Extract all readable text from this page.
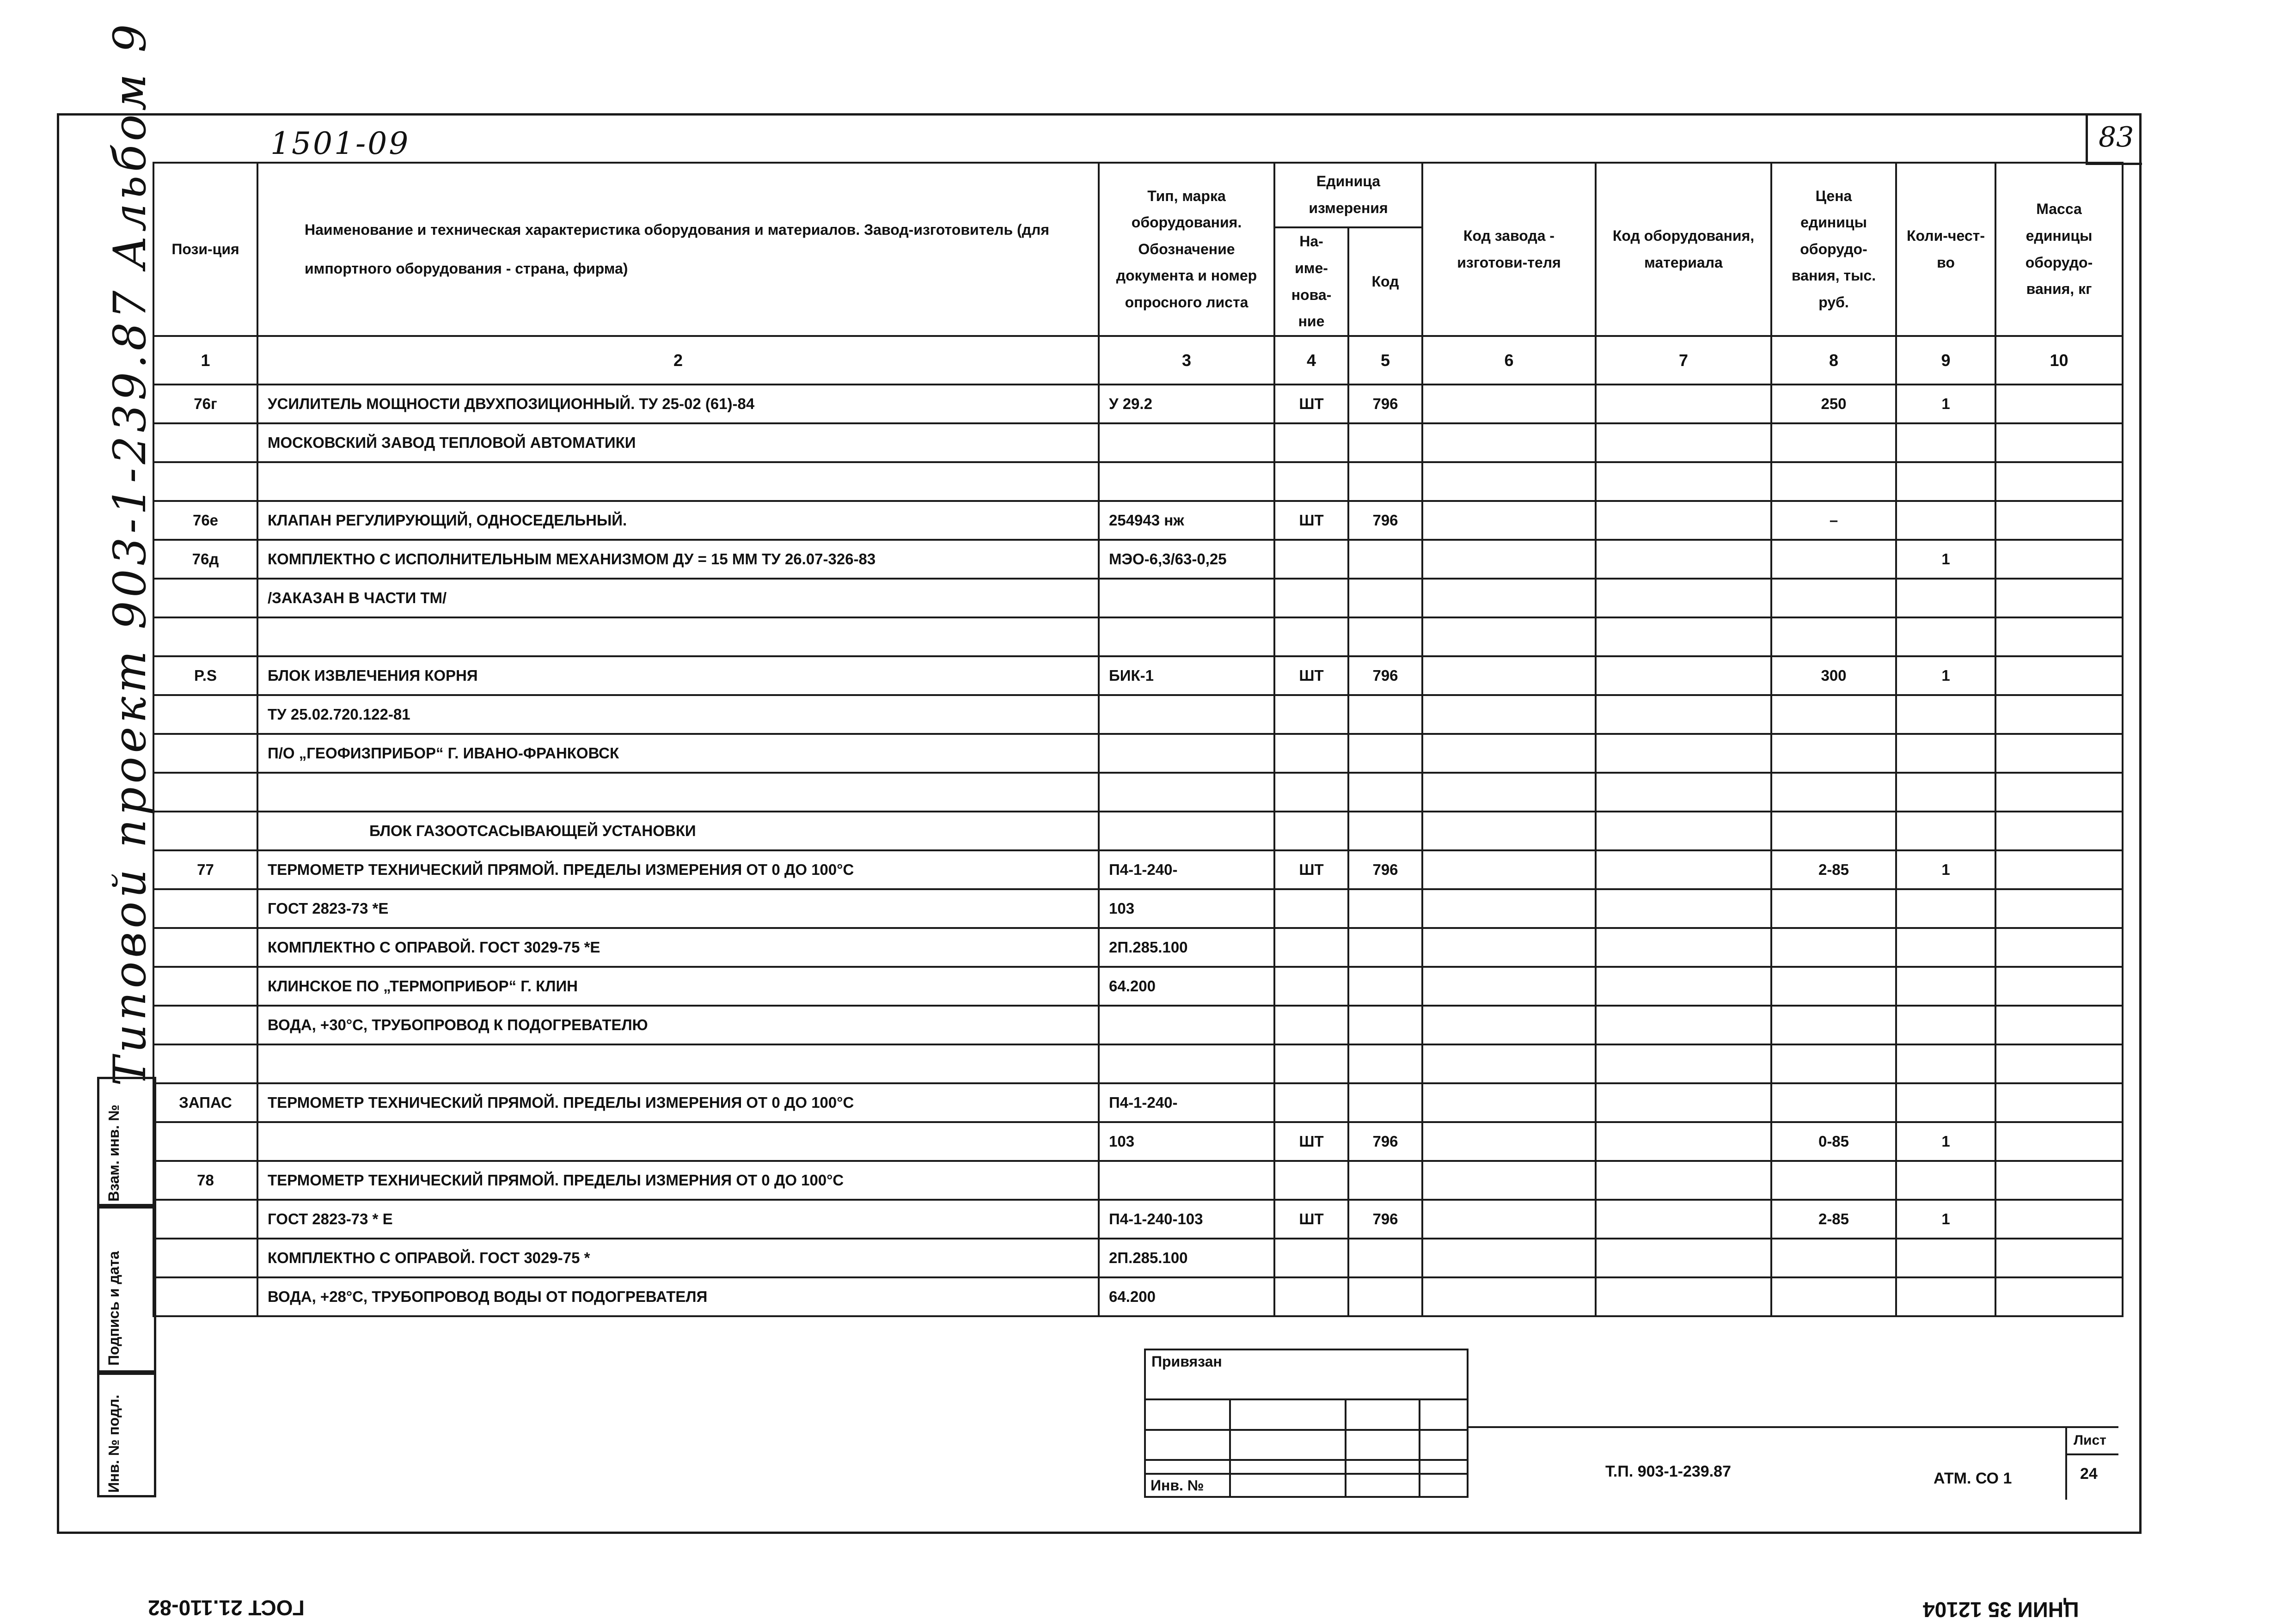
1501-09	83
Типовой проект 903-1-239.87 Альбом 9 Пози-ция	Наименование и техническая характеристика оборудования и материалов. Завод-изготовитель (для импортного оборудования - страна, фирма)	Тип, марка оборудования. Обозначение документа и номер опросного листа	Единица измерения		Код завода - изготови-теля	Код оборудования, материала	Цена единицы оборудо-вания, тыс. руб.	Коли-чест-во	Масса единицы оборудо-вания, кг
			На-име-нова-ние	Код					
1	2	3	4	5	6	7	8	9	10
76г	УСИЛИТЕЛЬ МОЩНОСТИ ДВУХПОЗИЦИОННЫЙ. ТУ 25-02 (61)-84	У 29.2	ШТ	796			250	1	
	МОСКОВСКИЙ ЗАВОД ТЕПЛОВОЙ АВТОМАТИКИ								

76е	КЛАПАН РЕГУЛИРУЮЩИЙ, ОДНОСЕДЕЛЬНЫЙ.	254943 нж	ШТ	796			–		
76д	КОМПЛЕКТНО С ИСПОЛНИТЕЛЬНЫМ МЕХАНИЗМОМ ДУ = 15 ММ ТУ 26.07-326-83	МЭО-6,3/63-0,25						1	
	/ЗАКАЗАН В ЧАСТИ ТМ/								

P.S	БЛОК ИЗВЛЕЧЕНИЯ КОРНЯ	БИК-1	ШТ	796			300	1	
	ТУ 25.02.720.122-81								
	П/О „ГЕОФИЗПРИБОР“ Г. ИВАНО-ФРАНКОВСК								

	БЛОК ГАЗООТСАСЫВАЮЩЕЙ УСТАНОВКИ								
77	ТЕРМОМЕТР ТЕХНИЧЕСКИЙ ПРЯМОЙ. ПРЕДЕЛЫ ИЗМЕРЕНИЯ ОТ 0 ДО 100°С	П4-1-240-	ШТ	796			2-85	1	
	ГОСТ 2823-73 *Е	103							
	КОМПЛЕКТНО С ОПРАВОЙ. ГОСТ 3029-75 *Е	2П.285.100							
	КЛИНСКОЕ ПО „ТЕРМОПРИБОР“ Г. КЛИН	64.200							
	ВОДА, +30°С, ТРУБОПРОВОД К ПОДОГРЕВАТЕЛЮ								

ЗАПАС	ТЕРМОМЕТР ТЕХНИЧЕСКИЙ ПРЯМОЙ. ПРЕДЕЛЫ ИЗМЕРЕНИЯ ОТ 0 ДО 100°С	П4-1-240-							
		103	ШТ	796			0-85	1	
78	ТЕРМОМЕТР ТЕХНИЧЕСКИЙ ПРЯМОЙ. ПРЕДЕЛЫ ИЗМЕРНИЯ ОТ 0 ДО 100°С								
	ГОСТ 2823-73 * Е	П4-1-240-103	ШТ	796			2-85	1	
	КОМПЛЕКТНО С ОПРАВОЙ. ГОСТ 3029-75 *	2П.285.100							
	ВОДА, +28°С, ТРУБОПРОВОД ВОДЫ ОТ ПОДОГРЕВАТЕЛЯ	64.200							
Привязан
Инв. №
Т.П. 903-1-239.87	АТМ. СО 1
Лист
24
Взам. инв. №
Подпись и дата
Инв. № подл.
ГОСТ 21.110-82	ЦНИИ 35 12104
